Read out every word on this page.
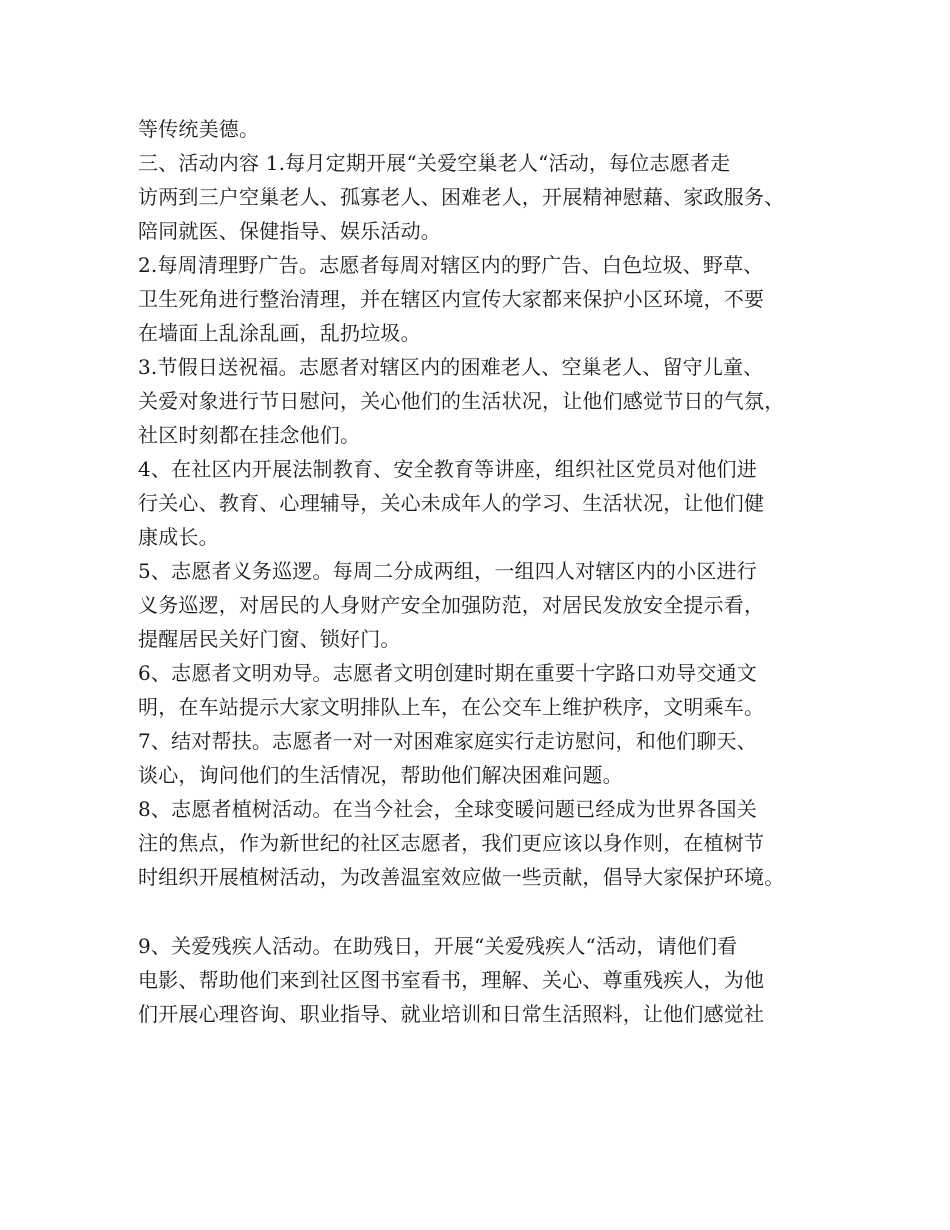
等传统美德。
三、活动内容 1.每月定期开展“关爱空巢老人“活动，每位志愿者走
访两到三户空巢老人、孤寡老人、困难老人，开展精神慰藉、家政服务、
陪同就医、保健指导、娱乐活动。
2.每周清理野广告。志愿者每周对辖区内的野广告、白色垃圾、野草、
卫生死角进行整治清理，并在辖区内宣传大家都来保护小区环境，不要
在墙面上乱涂乱画，乱扔垃圾。
3.节假日送祝福。志愿者对辖区内的困难老人、空巢老人、留守儿童、
关爱对象进行节日慰问，关心他们的生活状况，让他们感觉节日的气氛，
社区时刻都在挂念他们。
4、在社区内开展法制教育、安全教育等讲座，组织社区党员对他们进
行关心、教育、心理辅导，关心未成年人的学习、生活状况，让他们健
康成长。
5、志愿者义务巡逻。每周二分成两组，一组四人对辖区内的小区进行
义务巡逻，对居民的人身财产安全加强防范，对居民发放安全提示看，
提醒居民关好门窗、锁好门。
6、志愿者文明劝导。志愿者文明创建时期在重要十字路口劝导交通文
明，在车站提示大家文明排队上车，在公交车上维护秩序，文明乘车。
7、结对帮扶。志愿者一对一对困难家庭实行走访慰问，和他们聊天、
谈心，询问他们的生活情况，帮助他们解决困难问题。
8、志愿者植树活动。在当今社会，全球变暖问题已经成为世界各国关
注的焦点，作为新世纪的社区志愿者，我们更应该以身作则，在植树节
时组织开展植树活动，为改善温室效应做一些贡献，倡导大家保护环境。
9、关爱残疾人活动。在助残日，开展“关爱残疾人“活动，请他们看
电影、帮助他们来到社区图书室看书，理解、关心、尊重残疾人，为他
们开展心理咨询、职业指导、就业培训和日常生活照料，让他们感觉社
